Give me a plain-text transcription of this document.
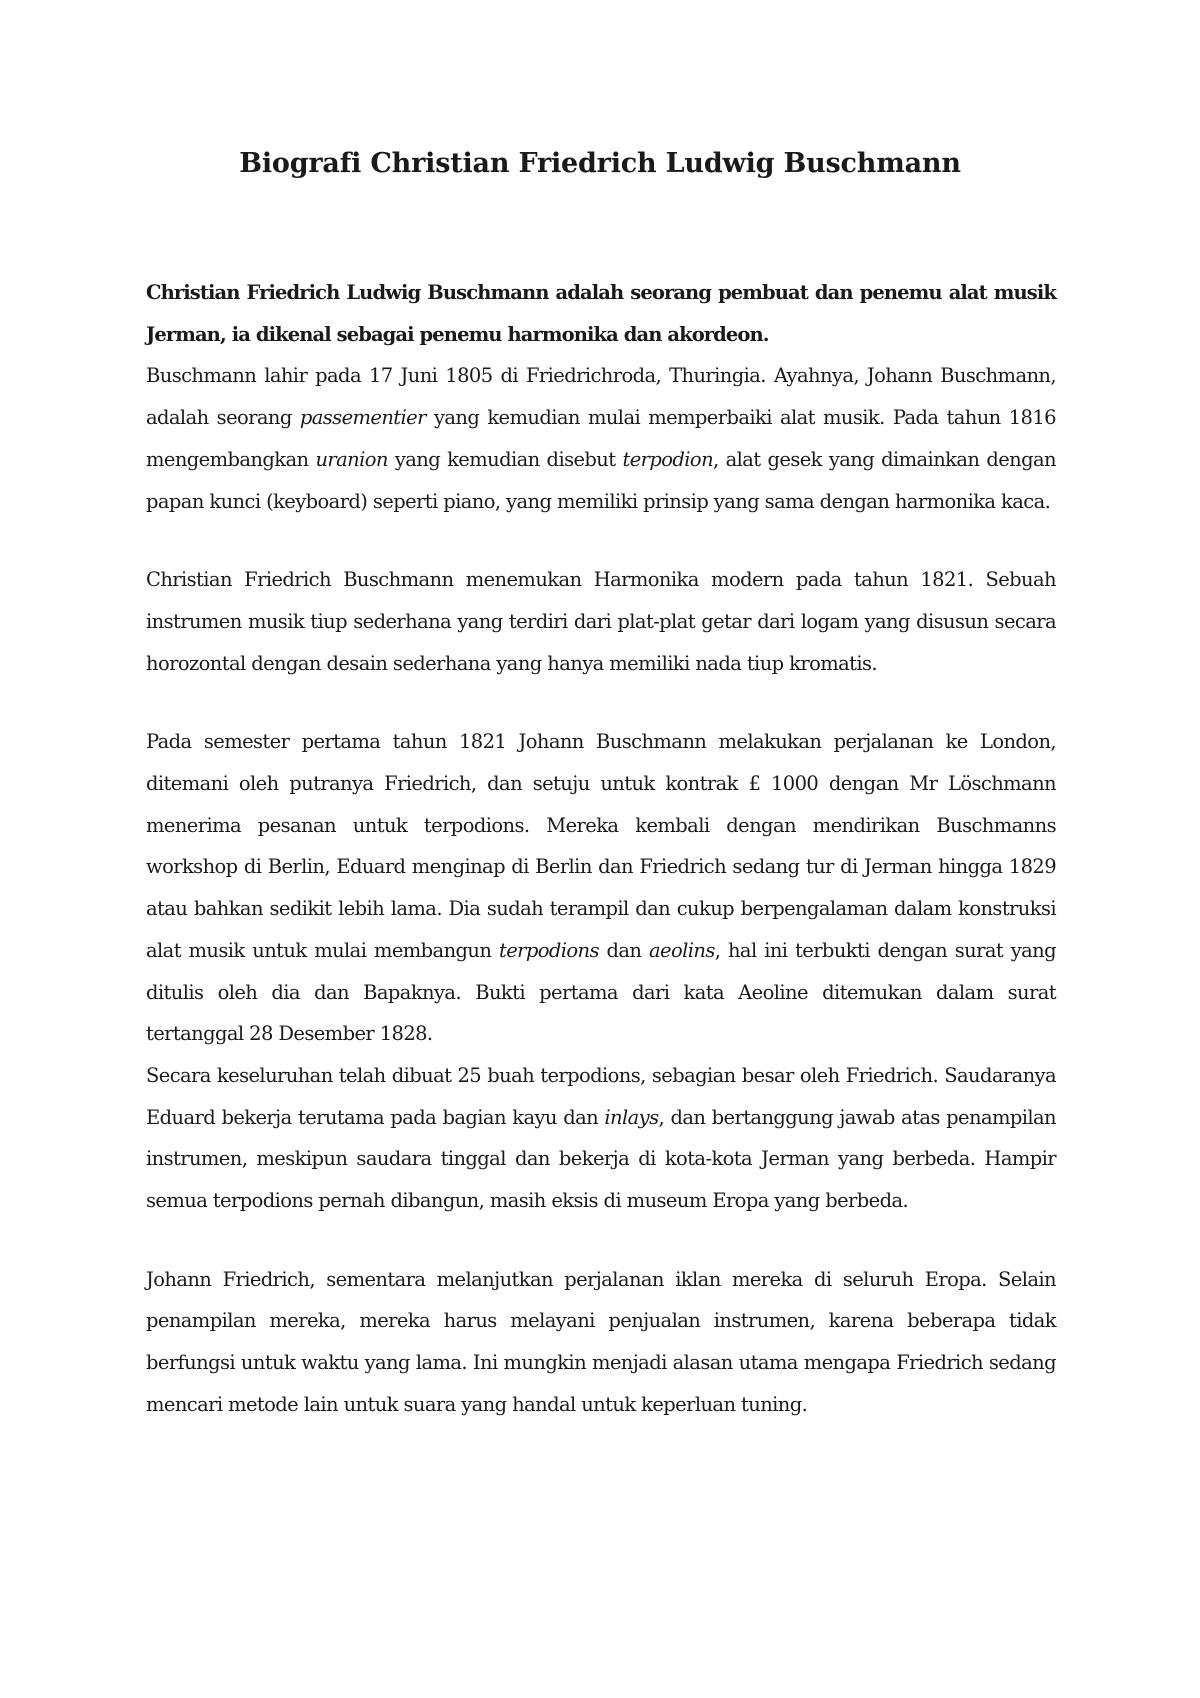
Biografi Christian Friedrich Ludwig Buschmann

Christian Friedrich Ludwig Buschmann adalah seorang pembuat dan penemu alat musik Jerman, ia dikenal sebagai penemu harmonika dan akordeon.

Buschmann lahir pada 17 Juni 1805 di Friedrichroda, Thuringia. Ayahnya, Johann Buschmann, adalah seorang passementier yang kemudian mulai memperbaiki alat musik. Pada tahun 1816 mengembangkan uranion yang kemudian disebut terpodion, alat gesek yang dimainkan dengan papan kunci (keyboard) seperti piano, yang memiliki prinsip yang sama dengan harmonika kaca.

Christian Friedrich Buschmann menemukan Harmonika modern pada tahun 1821. Sebuah instrumen musik tiup sederhana yang terdiri dari plat-plat getar dari logam yang disusun secara horozontal dengan desain sederhana yang hanya memiliki nada tiup kromatis.

Pada semester pertama tahun 1821 Johann Buschmann melakukan perjalanan ke London, ditemani oleh putranya Friedrich, dan setuju untuk kontrak £ 1000 dengan Mr Löschmann menerima pesanan untuk terpodions. Mereka kembali dengan mendirikan Buschmanns workshop di Berlin, Eduard menginap di Berlin dan Friedrich sedang tur di Jerman hingga 1829 atau bahkan sedikit lebih lama. Dia sudah terampil dan cukup berpengalaman dalam konstruksi alat musik untuk mulai membangun terpodions dan aeolins, hal ini terbukti dengan surat yang ditulis oleh dia dan Bapaknya. Bukti pertama dari kata Aeoline ditemukan dalam surat tertanggal 28 Desember 1828.

Secara keseluruhan telah dibuat 25 buah terpodions, sebagian besar oleh Friedrich. Saudaranya Eduard bekerja terutama pada bagian kayu dan inlays, dan bertanggung jawab atas penampilan instrumen, meskipun saudara tinggal dan bekerja di kota-kota Jerman yang berbeda. Hampir semua terpodions pernah dibangun, masih eksis di museum Eropa yang berbeda.

Johann Friedrich, sementara melanjutkan perjalanan iklan mereka di seluruh Eropa. Selain penampilan mereka, mereka harus melayani penjualan instrumen, karena beberapa tidak berfungsi untuk waktu yang lama. Ini mungkin menjadi alasan utama mengapa Friedrich sedang mencari metode lain untuk suara yang handal untuk keperluan tuning.
